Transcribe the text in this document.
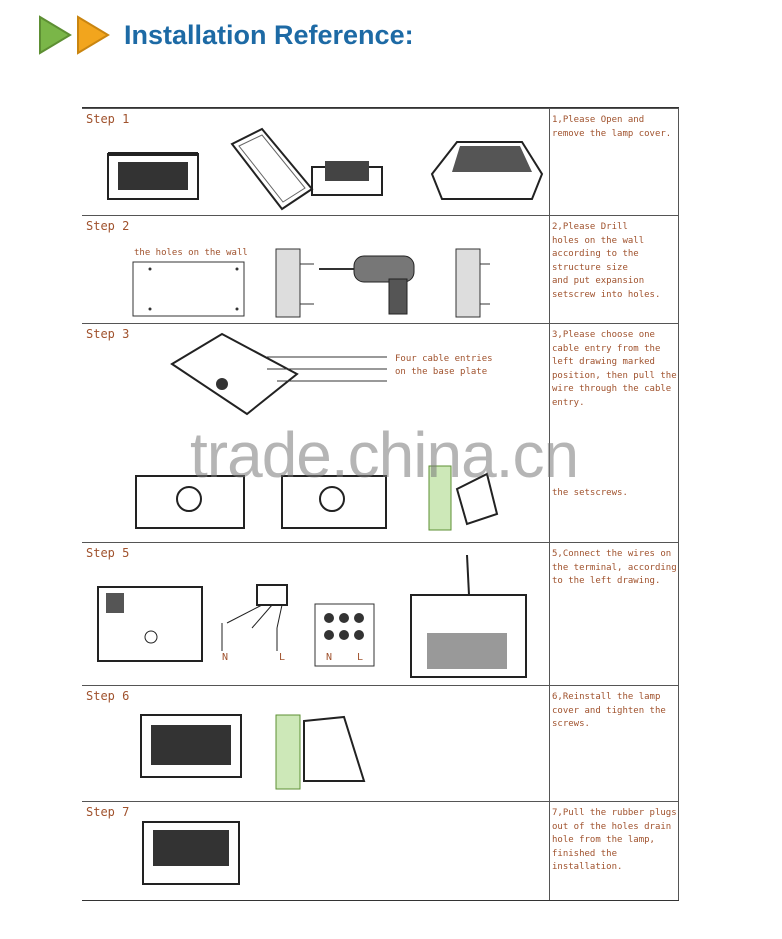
Installation Reference:
Step 1	1,Please Open and
remove the lamp cover.
Step 2	2,Please Drill
holes on the wall
according to the
structure size
and put expansion
setscrew into holes.
the holes on the wall
Step 3	3,Please choose one
cable entry from the
left drawing marked
position, then pull the
wire through the cable
entry.
Four cable entries
on the base plate
the setscrews.
Step 5	5,Connect the wires on
the terminal, according
to the left drawing.
N	L	N L
Step 6	6,Reinstall the lamp
cover and tighten the
screws.
Step 7	7,Pull the rubber plugs
out of the holes drain
hole from the lamp,
finished the
installation.
trade.china.cn
